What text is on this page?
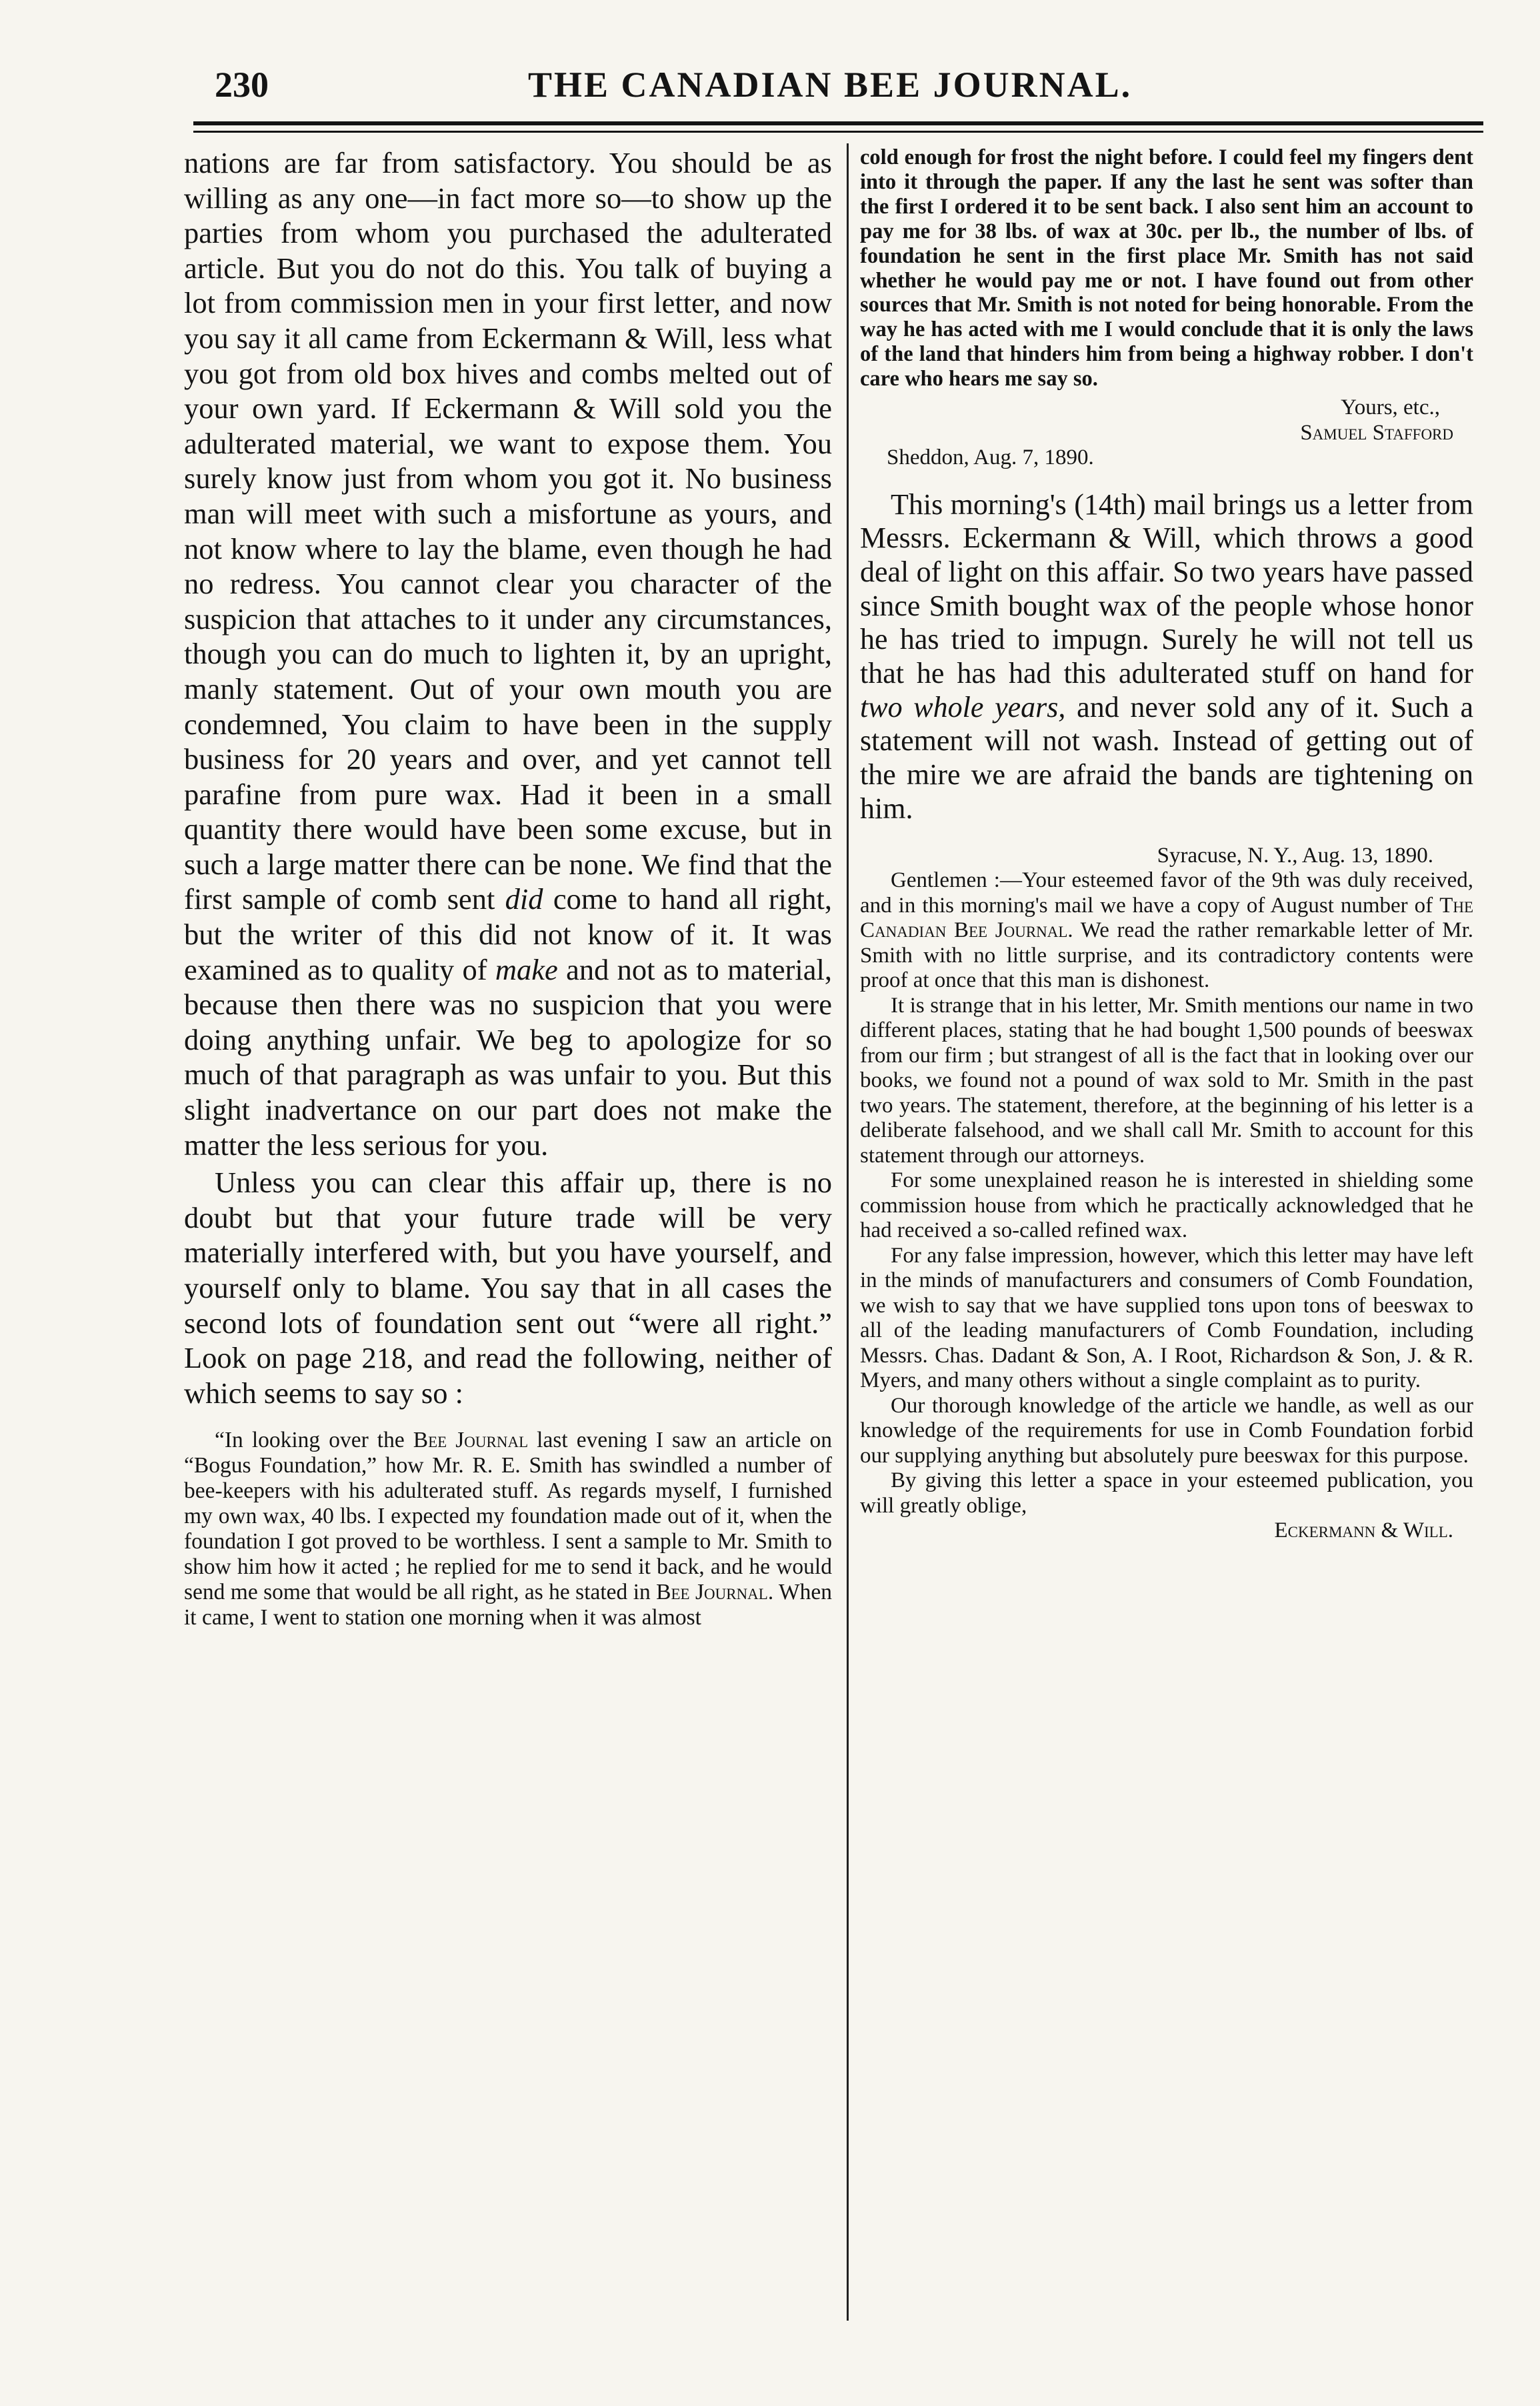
230	THE CANADIAN BEE JOURNAL.

nations are far from satisfactory. You should be as willing as any one—in fact more so—to show up the parties from whom you purchased the adulterated article. But you do not do this. You talk of buying a lot from commission men in your first letter, and now you say it all came from Eckermann & Will, less what you got from old box hives and combs melted out of your own yard. If Eckermann & Will sold you the adulterated material, we want to expose them. You surely know just from whom you got it. No business man will meet with such a misfortune as yours, and not know where to lay the blame, even though he had no redress. You cannot clear you character of the suspicion that attaches to it under any circumstances, though you can do much to lighten it, by an upright, manly statement. Out of your own mouth you are condemned, You claim to have been in the supply business for 20 years and over, and yet cannot tell parafine from pure wax. Had it been in a small quantity there would have been some excuse, but in such a large matter there can be none. We find that the first sample of comb sent did come to hand all right, but the writer of this did not know of it. It was examined as to quality of make and not as to material, because then there was no suspicion that you were doing anything unfair. We beg to apologize for so much of that paragraph as was unfair to you. But this slight inadvertance on our part does not make the matter the less serious for you.

Unless you can clear this affair up, there is no doubt but that your future trade will be very materially interfered with, but you have yourself, and yourself only to blame. You say that in all cases the second lots of foundation sent out “were all right.” Look on page 218, and read the following, neither of which seems to say so :

“In looking over the Bee Journal last evening I saw an article on “Bogus Foundation,” how Mr. R. E. Smith has swindled a number of bee-keepers with his adulterated stuff. As regards myself, I furnished my own wax, 40 lbs. I expected my foundation made out of it, when the foundation I got proved to be worthless. I sent a sample to Mr. Smith to show him how it acted ; he replied for me to send it back, and he would send me some that would be all right, as he stated in Bee Journal. When it came, I went to station one morning when it was almost

cold enough for frost the night before. I could feel my fingers dent into it through the paper. If any the last he sent was softer than the first I ordered it to be sent back. I also sent him an account to pay me for 38 lbs. of wax at 30c. per lb., the number of lbs. of foundation he sent in the first place Mr. Smith has not said whether he would pay me or not. I have found out from other sources that Mr. Smith is not noted for being honorable. From the way he has acted with me I would conclude that it is only the laws of the land that hinders him from being a highway robber. I don't care who hears me say so.

Yours, etc.,

Samuel Stafford

Sheddon, Aug. 7, 1890.

This morning's (14th) mail brings us a letter from Messrs. Eckermann & Will, which throws a good deal of light on this affair. So two years have passed since Smith bought wax of the people whose honor he has tried to impugn. Surely he will not tell us that he has had this adulterated stuff on hand for two whole years, and never sold any of it. Such a statement will not wash. Instead of getting out of the mire we are afraid the bands are tightening on him.

Syracuse, N. Y., Aug. 13, 1890.

Gentlemen :—Your esteemed favor of the 9th was duly received, and in this morning's mail we have a copy of August number of The Canadian Bee Journal. We read the rather remarkable letter of Mr. Smith with no little surprise, and its contradictory contents were proof at once that this man is dishonest.

It is strange that in his letter, Mr. Smith mentions our name in two different places, stating that he had bought 1,500 pounds of beeswax from our firm ; but strangest of all is the fact that in looking over our books, we found not a pound of wax sold to Mr. Smith in the past two years. The statement, therefore, at the beginning of his letter is a deliberate falsehood, and we shall call Mr. Smith to account for this statement through our attorneys.

For some unexplained reason he is interested in shielding some commission house from which he practically acknowledged that he had received a so-called refined wax.

For any false impression, however, which this letter may have left in the minds of manufacturers and consumers of Comb Foundation, we wish to say that we have supplied tons upon tons of beeswax to all of the leading manufacturers of Comb Foundation, including Messrs. Chas. Dadant & Son, A. I Root, Richardson & Son, J. & R. Myers, and many others without a single complaint as to purity.

Our thorough knowledge of the article we handle, as well as our knowledge of the requirements for use in Comb Foundation forbid our supplying anything but absolutely pure beeswax for this purpose.

By giving this letter a space in your esteemed publication, you will greatly oblige,

Eckermann & Will.
